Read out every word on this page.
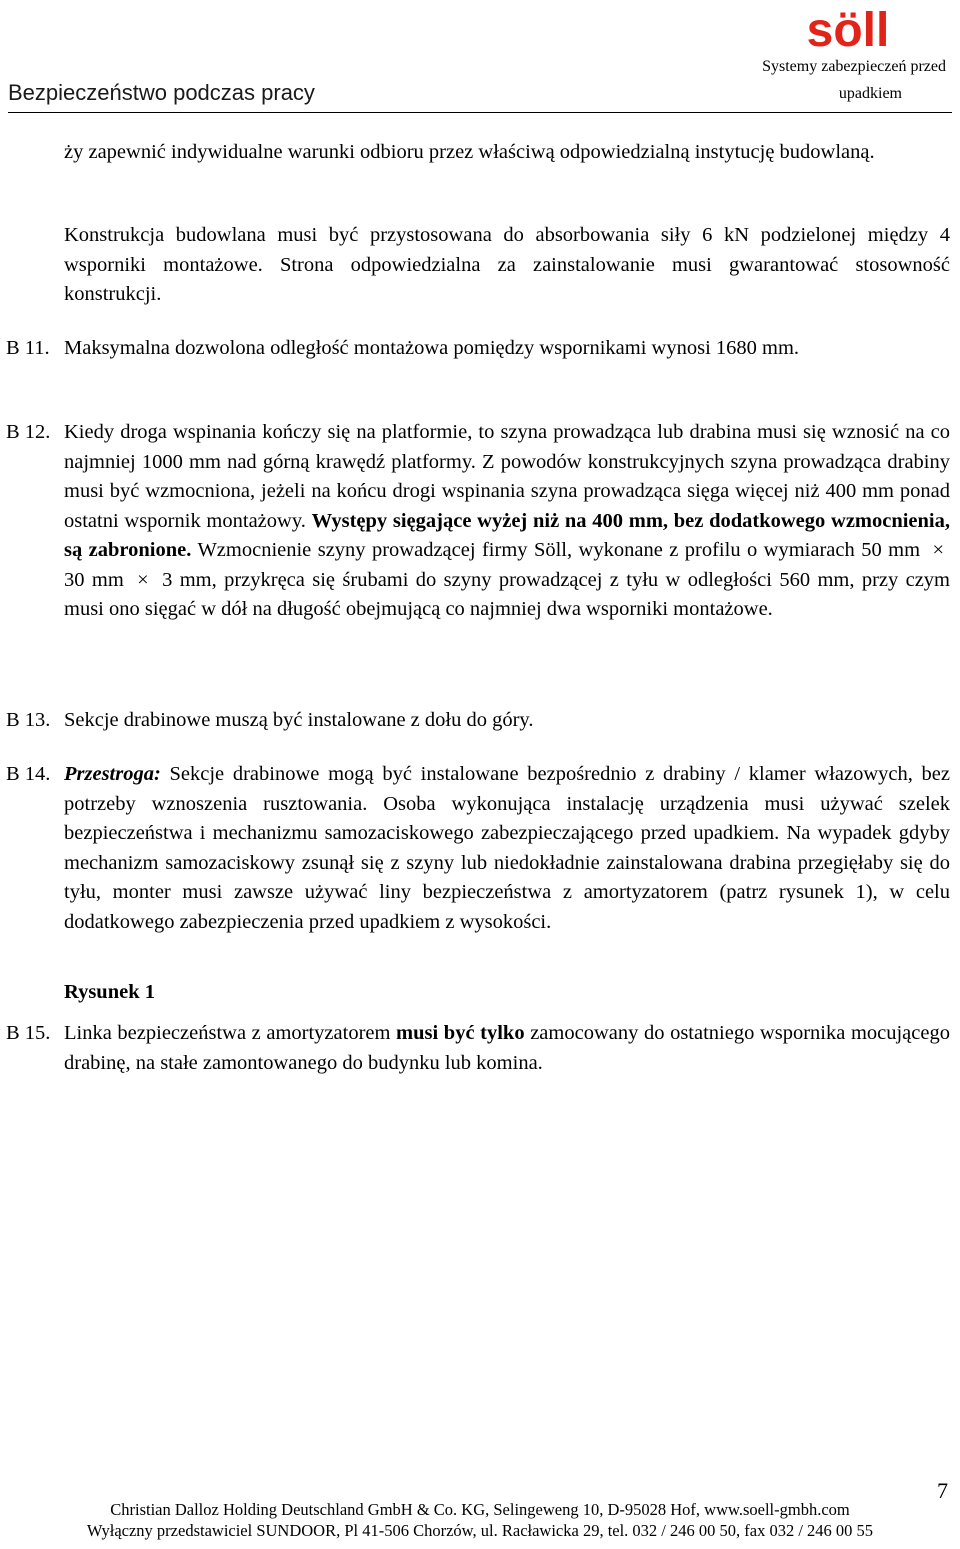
Bezpieczeństwo podczas pracy
söll
Systemy zabezpieczeń przed
upadkiem

ży zapewnić indywidualne warunki odbioru przez właściwą odpowiedzialną instytucję budowlaną.

Konstrukcja budowlana musi być przystosowana do absorbowania siły 6 kN podzielonej między 4 wsporniki montażowe. Strona odpowiedzialna za zainstalowanie musi gwarantować stosowność konstrukcji.

B 11. Maksymalna dozwolona odległość montażowa pomiędzy wspornikami wynosi 1680 mm.

B 12. Kiedy droga wspinania kończy się na platformie, to szyna prowadząca lub drabina musi się wznosić na co najmniej 1000 mm nad górną krawędź platformy. Z powodów konstrukcyjnych szyna prowadząca drabiny musi być wzmocniona, jeżeli na końcu drogi wspinania szyna prowadząca sięga więcej niż 400 mm ponad ostatni wspornik montażowy. Występy sięgające wyżej niż na 400 mm, bez dodatkowego wzmocnienia, są zabronione. Wzmocnienie szyny prowadzącej firmy Söll, wykonane z profilu o wymiarach 50 mm × 30 mm × 3 mm, przykręca się śrubami do szyny prowadzącej z tyłu w odległości 560 mm, przy czym musi ono sięgać w dół na długość obejmującą co najmniej dwa wsporniki montażowe.

B 13. Sekcje drabinowe muszą być instalowane z dołu do góry.

B 14. Przestroga: Sekcje drabinowe mogą być instalowane bezpośrednio z drabiny / klamer włazowych, bez potrzeby wznoszenia rusztowania. Osoba wykonująca instalację urządzenia musi używać szelek bezpieczeństwa i mechanizmu samozaciskowego zabezpieczającego przed upadkiem. Na wypadek gdyby mechanizm samozaciskowy zsunął się z szyny lub niedokładnie zainstalowana drabina przegięłaby się do tyłu, monter musi zawsze używać liny bezpieczeństwa z amortyzatorem (patrz rysunek 1), w celu dodatkowego zabezpieczenia przed upadkiem z wysokości.

Rysunek 1
B 15. Linka bezpieczeństwa z amortyzatorem musi być tylko zamocowany do ostatniego wspornika mocującego drabinę, na stałe zamontowanego do budynku lub komina.

7
Christian Dalloz Holding Deutschland GmbH & Co. KG, Selingeweng 10, D-95028 Hof, www.soell-gmbh.com
Wyłączny przedstawiciel SUNDOOR, Pl 41-506 Chorzów, ul. Racławicka 29, tel. 032 / 246 00 50, fax 032 / 246 00 55
